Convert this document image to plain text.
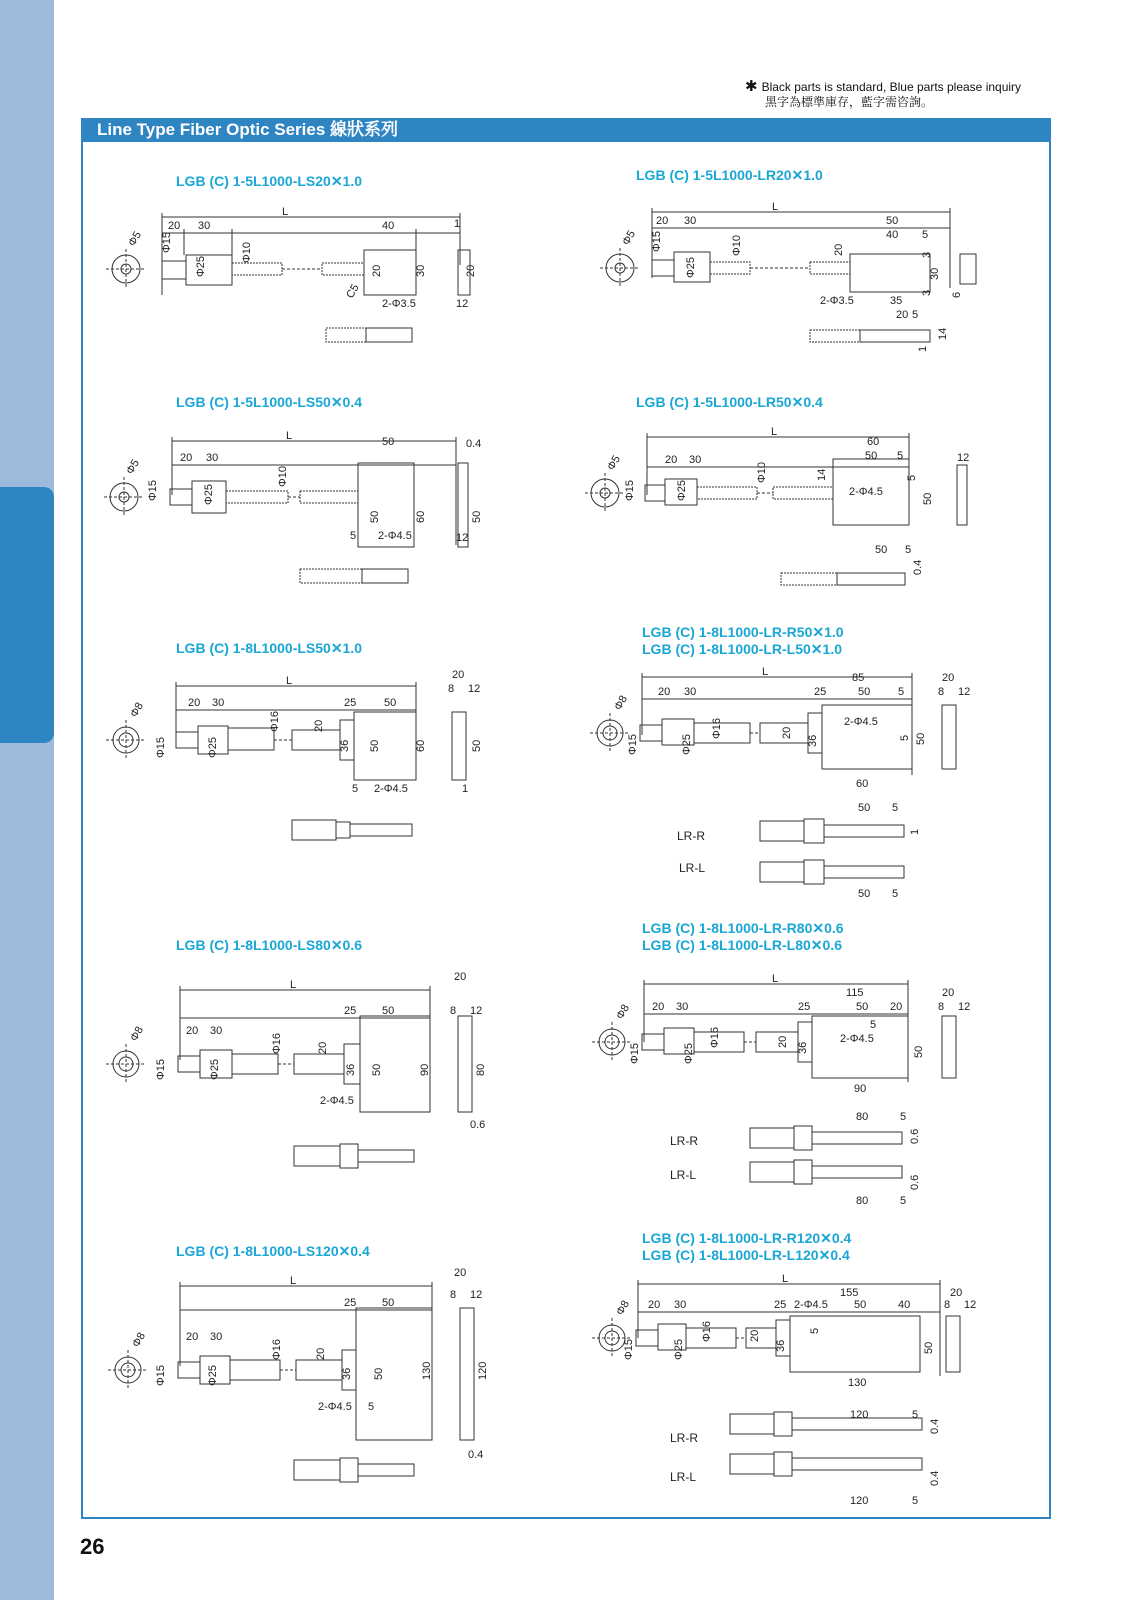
✱ Black parts is standard, Blue parts please inquiry
黑字為標準庫存，藍字需咨詢。
Line Type Fiber Optic Series 線狀系列
LGB (C) 1-5L1000-LS20✕1.0	LGB (C) 1-5L1000-LR20✕1.0
LGB (C) 1-5L1000-LS50✕0.4	LGB (C) 1-5L1000-LR50✕0.4
LGB (C) 1-8L1000-LS50✕1.0
LGB (C) 1-8L1000-LR-R50✕1.0
LGB (C) 1-8L1000-LR-L50✕1.0
LGB (C) 1-8L1000-LS80✕0.6
LGB (C) 1-8L1000-LR-R80✕0.6
LGB (C) 1-8L1000-LR-L80✕0.6
LGB (C) 1-8L1000-LS120✕0.4
LGB (C) 1-8L1000-LR-R120✕0.4
LGB (C) 1-8L1000-LR-L120✕0.4
LR-R
LR-L
LR-R
LR-L
LR-R
LR-L
Φ5
L
20 30	40
Φ15
Φ25
Φ10
20	30	20
1
12
C5
2-Φ3.5
Φ5
L
20 30	50
40 5
Φ15
Φ25
Φ10	20
30
3
3 6
2-Φ3.5	35
20 5
14
1
Φ5
L
20 30
50	0.4
Φ15	Φ25
Φ10
50	60	50
5 2-Φ4.5	12
Φ5
L
20 30
60
50 5	12
Φ15	Φ25
Φ10	14	5
2-Φ4.5
50
50 5
0.4
Φ8
L
20 30	25	50
20
8 12
Φ15	Φ25
Φ16	20
36 50	60	50
5 2-Φ4.5	1
Φ8
L
20 30
85
25	50	5
20
8 12
Φ15	Φ25
Φ16	20
36	5
2-Φ4.5
50
60
50 5
1
50 5
Φ8
L
20 30
25 50
20
8 12
Φ15	Φ25
Φ16	20
36 50	90	80
2-Φ4.5
0.6
Φ8
L
20 30
115
25	50 20
20
8 12
Φ15	Φ25
Φ16	20 36
5
2-Φ4.5
50
90
80	5
0.6
0.6
80	5
Φ8
L
20 30
25 50
20
8 12
Φ15	Φ25
Φ16	20
36 50	130	120
2-Φ4.5 5
0.4
Φ8
L
20 30
155
25 2-Φ4.5 50	40
20
8 12
Φ15	Φ25
Φ16	20
36
5
50
130
120	5
0.4
0.4
120	5
26
